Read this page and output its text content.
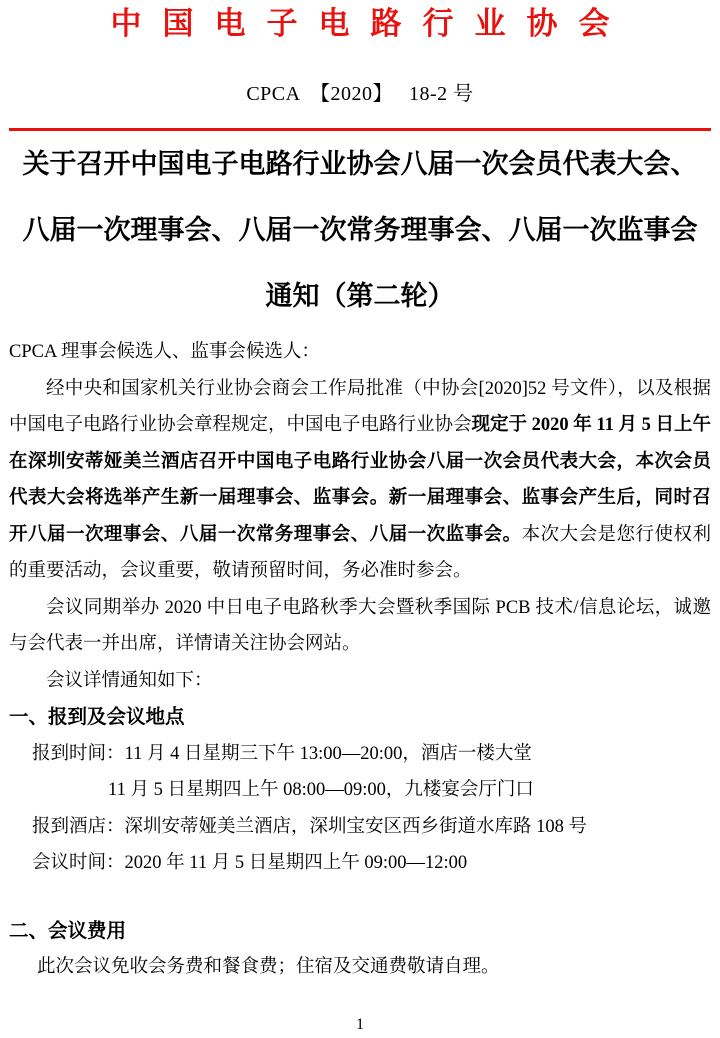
中国电子电路行业协会
CPCA　【2020】　 18-2 号
关于召开中国电子电路行业协会八届一次会员代表大会、
八届一次理事会、八届一次常务理事会、八届一次监事会
通知（第二轮）

CPCA 理事会候选人、监事会候选人：

经中央和国家机关行业协会商会工作局批准（中协会[2020]52 号文件），以及根据中国电子电路行业协会章程规定，中国电子电路行业协会现定于 2020 年 11 月 5 日上午在深圳安蒂娅美兰酒店召开中国电子电路行业协会八届一次会员代表大会，本次会员代表大会将选举产生新一届理事会、监事会。新一届理事会、监事会产生后，同时召开八届一次理事会、八届一次常务理事会、八届一次监事会。本次大会是您行使权利的重要活动，会议重要，敬请预留时间，务必准时参会。

会议同期举办 2020 中日电子电路秋季大会暨秋季国际 PCB 技术/信息论坛，诚邀与会代表一并出席，详情请关注协会网站。

会议详情通知如下：

一、报到及会议地点

报到时间：11 月 4 日星期三下午 13:00—20:00，酒店一楼大堂

11 月 5 日星期四上午 08:00—09:00，九楼宴会厅门口

报到酒店：深圳安蒂娅美兰酒店，深圳宝安区西乡街道水库路 108 号

会议时间：2020 年 11 月 5 日星期四上午 09:00—12:00

二、会议费用

此次会议免收会务费和餐食费；住宿及交通费敬请自理。

1
